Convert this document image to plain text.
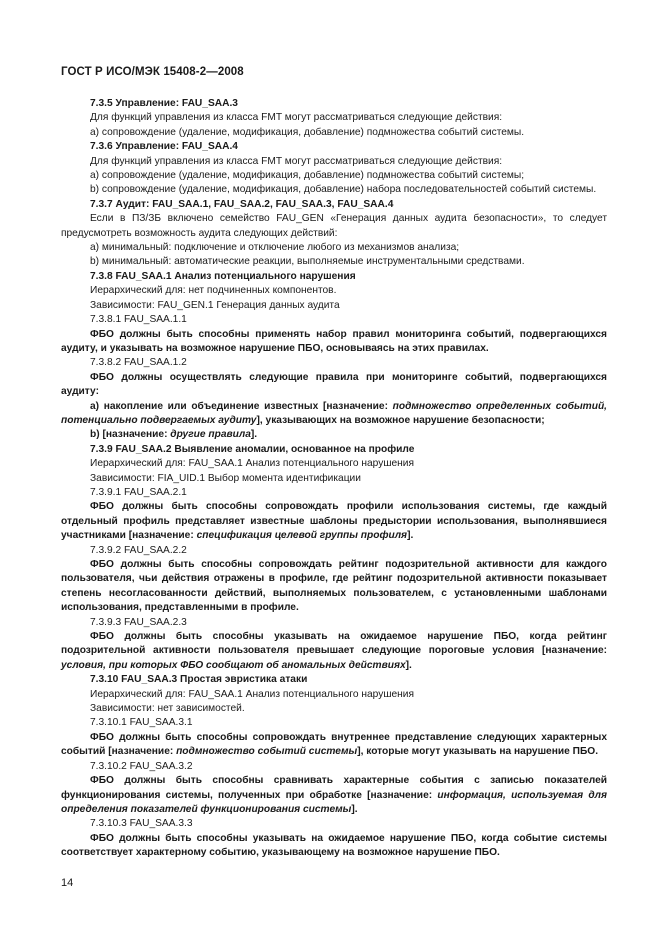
ГОСТ Р ИСО/МЭК 15408-2—2008

7.3.5 Управление: FAU_SAA.3

Для функций управления из класса FMT могут рассматриваться следующие действия:

а) сопровождение (удаление, модификация, добавление) подмножества событий системы.

7.3.6 Управление: FAU_SAA.4

Для функций управления из класса FMT могут рассматриваться следующие действия:

а) сопровождение (удаление, модификация, добавление) подмножества событий системы;

b) сопровождение (удаление, модификация, добавление) набора последовательностей событий системы.

7.3.7 Аудит: FAU_SAA.1, FAU_SAA.2, FAU_SAA.3, FAU_SAA.4

Если в ПЗ/ЗБ включено семейство FAU_GEN «Генерация данных аудита безопасности», то следует предусмотреть возможность аудита следующих действий:

а) минимальный: подключение и отключение любого из механизмов анализа;

b) минимальный: автоматические реакции, выполняемые инструментальными средствами.

7.3.8 FAU_SAA.1 Анализ потенциального нарушения

Иерархический для: нет подчиненных компонентов.

Зависимости: FAU_GEN.1 Генерация данных аудита

7.3.8.1 FAU_SAA.1.1

ФБО должны быть способны применять набор правил мониторинга событий, подвергающихся аудиту, и указывать на возможное нарушение ПБО, основываясь на этих правилах.

7.3.8.2 FAU_SAA.1.2

ФБО должны осуществлять следующие правила при мониторинге событий, подвергающихся аудиту:

а) накопление или объединение известных [назначение: подмножество определенных событий, потенциально подвергаемых аудиту], указывающих на возможное нарушение безопасности;

b) [назначение: другие правила].

7.3.9 FAU_SAA.2 Выявление аномалии, основанное на профиле

Иерархический для: FAU_SAA.1 Анализ потенциального нарушения

Зависимости: FIA_UID.1 Выбор момента идентификации

7.3.9.1 FAU_SAA.2.1

ФБО должны быть способны сопровождать профили использования системы, где каждый отдельный профиль представляет известные шаблоны предыстории использования, выполнявшиеся участниками [назначение: спецификация целевой группы профиля].

7.3.9.2 FAU_SAA.2.2

ФБО должны быть способны сопровождать рейтинг подозрительной активности для каждого пользователя, чьи действия отражены в профиле, где рейтинг подозрительной активности показывает степень несогласованности действий, выполняемых пользователем, с установленными шаблонами использования, представленными в профиле.

7.3.9.3 FAU_SAA.2.3

ФБО должны быть способны указывать на ожидаемое нарушение ПБО, когда рейтинг подозрительной активности пользователя превышает следующие пороговые условия [назначение: условия, при которых ФБО сообщают об аномальных действиях].

7.3.10 FAU_SAA.3 Простая эвристика атаки

Иерархический для: FAU_SAA.1 Анализ потенциального нарушения

Зависимости: нет зависимостей.

7.3.10.1 FAU_SAA.3.1

ФБО должны быть способны сопровождать внутреннее представление следующих характерных событий [назначение: подмножество событий системы], которые могут указывать на нарушение ПБО.

7.3.10.2 FAU_SAA.3.2

ФБО должны быть способны сравнивать характерные события с записью показателей функционирования системы, полученных при обработке [назначение: информация, используемая для определения показателей функционирования системы].

7.3.10.3 FAU_SAA.3.3

ФБО должны быть способны указывать на ожидаемое нарушение ПБО, когда событие системы соответствует характерному событию, указывающему на возможное нарушение ПБО.

14
